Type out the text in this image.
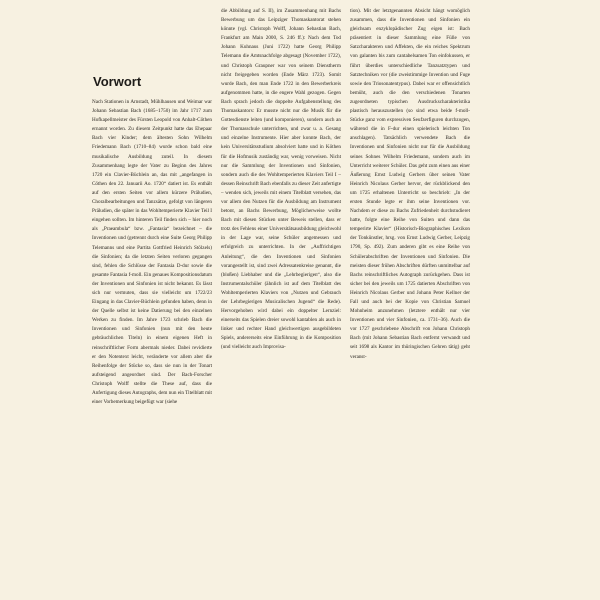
Vorwort

Nach Stationen in Arnstadt, Mühlhausen und Weimar war Johann Sebastian Bach (1685–1750) im Jahr 1717 zum Hofkapellmeister des Fürsten Leopold von Anhalt-Cöthen ernannt worden. Zu diesem Zeitpunkt hatte das Ehepaar Bach vier Kinder; dem ältesten Sohn Wilhelm Friedemann Bach (1710–84) wurde schon bald eine musikalische Ausbildung zuteil. In diesem Zusammenhang legte der Vater zu Beginn des Jahres 1720 ein Clavier-Büchlein an, das mit „angefangen in Cöthen den 22. Januarii Ao. 1720“ datiert ist. Es enthält auf den ersten Seiten vor allem kürzere Präludien, Choralbearbeitungen und Tanzsätze, gefolgt von längeren Präludien, die später in das Wohltemperierte Klavier Teil I eingehen sollten. Im hinteren Teil finden sich – hier noch als „Praeambula“ bzw. „Fantasia“ bezeichnet – die Inventionen und (getrennt durch eine Suite Georg Philipp Telemanns und eine Partita Gottfried Heinrich Stölzels) die Sinfonien; da die letzten Seiten verloren gegangen sind, fehlen die Schlüsse der Fantasia D-dur sowie die gesamte Fantasia f-moll. Ein genaues Kompositionsdatum der Inventionen und Sinfonien ist nicht bekannt. Es lässt sich nur vermuten, dass sie vielleicht um 1722/23 Eingang in das Clavier-Büchlein gefunden haben, denn in der Quelle selbst ist keine Datierung bei den einzelnen Werken zu finden. Im Jahre 1723 schrieb Bach die Inventionen und Sinfonien (nun mit den heute gebräuchlichen Titeln) in einem eigenen Heft in reinschriftlicher Form abermals nieder. Dabei revidierte er den Notentext leicht, veränderte vor allem aber die Reihenfolge der Stücke so, dass sie nun in der Tonart aufsteigend angeordnet sind. Der Bach-Forscher Christoph Wolff stellte die These auf, dass die Anfertigung dieses Autographs, dem nun ein Titelblatt mit einer Vorbemerkung beigefügt war (siehe

die Abbildung auf S. II), im Zusammenhang mit Bachs Bewerbung um das Leipziger Thomaskantorat stehen könnte (vgl. Christoph Wolff, Johann Sebastian Bach, Frankfurt am Main 2000, S. 246 ff.): Nach dem Tod Johann Kuhnaus (Juni 1722) hatte Georg Philipp Telemann die Amtsnachfolge abgesagt (November 1722), und Christoph Graupner war von seinem Dienstherrn nicht freigegeben worden (Ende März 1723). Somit wurde Bach, den man Ende 1722 in den Bewerberkreis aufgenommen hatte, in die engere Wahl gezogen. Gegen Bach sprach jedoch die doppelte Aufgabenstellung des Thomaskantors: Er musste nicht nur die Musik für die Gottesdienste leiten (und komponieren), sondern auch an der Thomasschule unterrichten, und zwar u. a. Gesang und einzelne Instrumente. Hier aber konnte Bach, der kein Universitätsstudium absolviert hatte und in Köthen für die Hofmusik zuständig war, wenig vorweisen. Nicht nur die Sammlung der Inventionen und Sinfonien, sondern auch die des Wohltemperierten Klaviers Teil I – dessen Reinschrift Bach ebenfalls zu dieser Zeit anfertigte – wenden sich, jeweils mit einem Titelblatt versehen, das vor allem den Nutzen für die Ausbildung am Instrument betont, an Bachs Bewerbung, Möglicherweise wollte Bach mit diesen Stücken unter Beweis stellen, dass er trotz des Fehlens einer Universitätsausbildung gleichwohl in der Lage war, seine Schüler angemessen und erfolgreich zu unterrichten. In der „Auffrichtigen Anleitung“, die den Inventionen und Sinfonien vorangestellt ist, sind zwei Adressatenkreise genannt, die (bloßen) Liebhaber und die „Lehrbegierigen“, also die Instrumentalschüler (ähnlich ist auf dem Titelblatt des Wohltemperierten Klaviers von „Nutzen und Gebrauch der Lehrbegierigen Musicalischen Jugend“ die Rede). Hervorgehoben wird dabei ein doppelter Lernziel: einerseits das Spielen dreier sowohl kantablen als auch in linker und rechter Hand gleichwertigen ausgebildeten Spiels, andererseits eine Einführung in die Komposition (und vielleicht auch Improvisa-

tion). Mit der letztgenannten Absicht hängt womöglich zusammen, dass die Inventionen und Sinfonien ein gleichsam enzyklopädischer Zug eigen ist: Bach präsentiert in dieser Sammlung eine Fülle von Satzcharakteren und Affekten, die ein reiches Spektrum von galanten bis zum cantabelsamen Ton einfokussen, er führt überdies unterschiedliche Tanzsatztypen und Satztechniken vor (die zweistimmige Invention und Fuge sowie den Triosonatentypus). Dabei war er offensichtlich bemüht, auch die den verschiedenen Tonarten zugeordneten typischen Ausdruckscharakteristika plastisch herauszustellen (so sind etwa beide f-moll-Stücke ganz vom expressiven Seufzerfiguren durchzogen, während die in F-dur einen spielerisch leichten Ton anschlagen). Tatsächlich verwendete Bach die Inventionen und Sinfonien nicht nur für die Ausbildung seines Sohnes Wilhelm Friedemann, sondern auch im Unterricht weiterer Schüler. Das geht zum einen aus einer Äußerung Ernst Ludwig Gerbers über seinen Vater Heinrich Nicolaus Gerber hervor, der rückblickend den um 1725 erhaltenen Unterricht so beschrieb: „In der ersten Stunde legte er ihm seine Inventionen vor. Nachdem er diese zu Bachs Zufriedenheit durchstudieret hatte, folgte eine Reihe von Suiten und dann das temperirte Klavier“ (Historisch-Biographisches Lexikon der Tonkünstler, hrsg. von Ernst Ludwig Gerber, Leipzig 1790, Sp. 492). Zum anderen gibt es eine Reihe von Schülerabschriften der Inventionen und Sinfonien. Die meisten dieser frühen Abschriften dürften unmittelbar auf Bachs reinschriftliches Autograph zurückgehen. Dass ist sicher bei den jeweils um 1725 datierten Abschriften von Heinrich Nicolaus Gerber und Johann Peter Kellner der Fall und auch bei der Kopie von Christian Samuel Mohnheim anzunehmen (letztere enthält nur vier Inventionen und vier Sinfonien, ca. 1731–36). Auch die vor 1727 geschriebene Abschrift von Johann Christoph Bach (mit Johann Sebastian Bach entfernt verwandt und seit 1698 als Kantor im thüringischen Gehren tätig) geht veranst-
